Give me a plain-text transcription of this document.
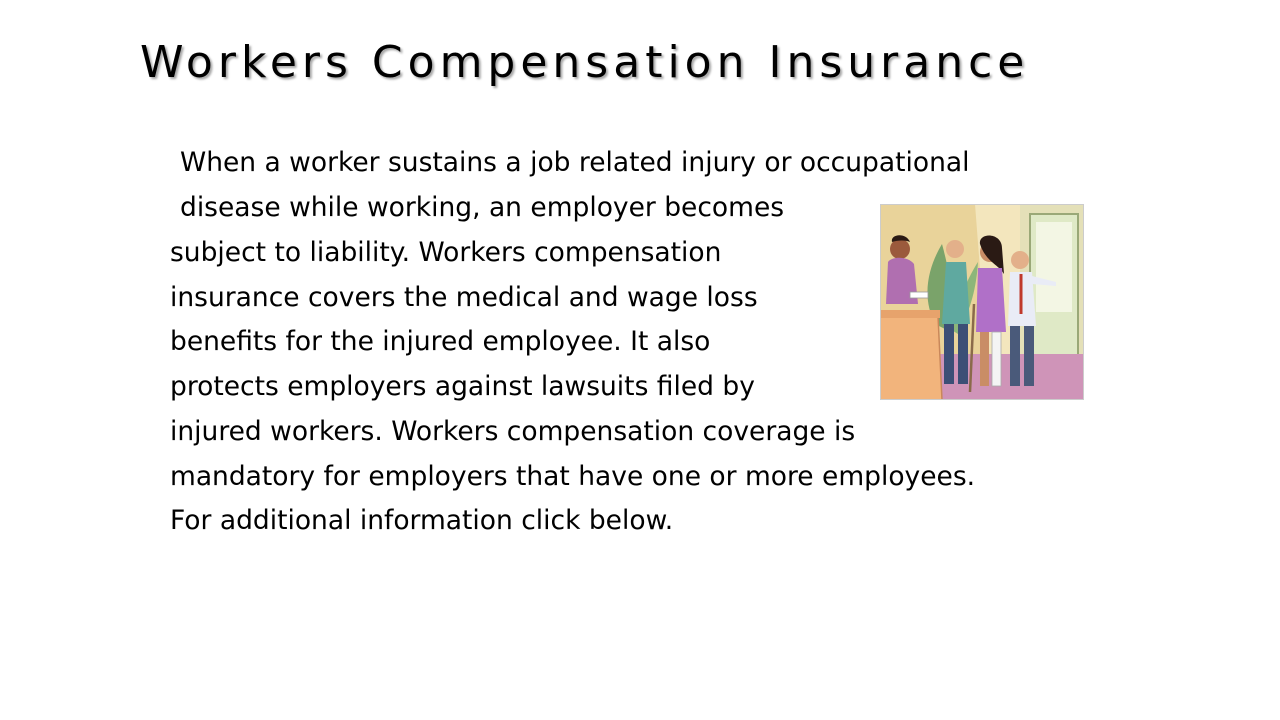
Workers Compensation Insurance
When a worker sustains a job related injury or occupational
disease while working, an employer becomes
subject to liability. Workers compensation
insurance covers the medical and wage loss
benefits for the injured employee. It also
protects employers against lawsuits filed by
injured workers. Workers compensation coverage is
mandatory for employers that have one or more employees.
For additional information click below.
